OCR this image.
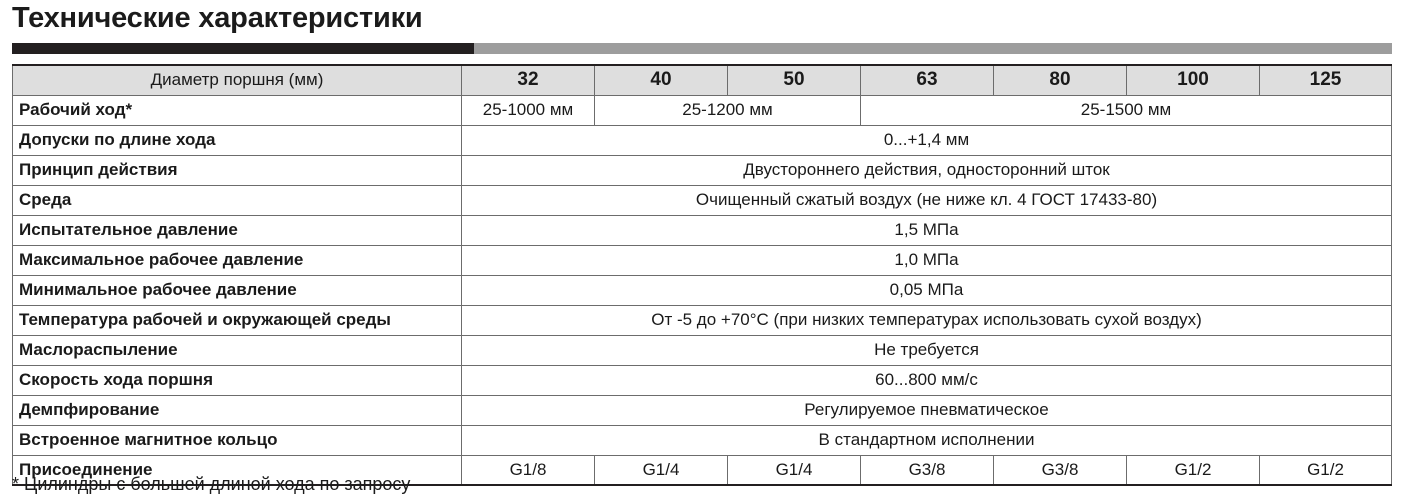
Технические характеристики
Диаметр поршня (мм)	32	40	50	63	80	100	125
Рабочий ход*	25-1000 мм	25-1200 мм		25-1500 мм			
Допуски по длине хода	0...+1,4 мм						
Принцип действия	Двустороннего действия, односторонний шток						
Среда	Очищенный сжатый воздух (не ниже кл. 4 ГОСТ 17433-80)						
Испытательное давление	1,5 МПа						
Максимальное рабочее давление	1,0 МПа						
Минимальное рабочее давление	0,05 МПа						
Температура рабочей и окружающей среды	От -5 до +70°С (при низких температурах использовать сухой воздух)						
Маслораспыление	Не требуется						
Скорость хода поршня	60...800 мм/с						
Демпфирование	Регулируемое пневматическое						
Встроенное магнитное кольцо	В стандартном исполнении						
Присоединение	G1/8	G1/4	G1/4	G3/8	G3/8	G1/2	G1/2
* Цилиндры с большей длиной хода по запросу
